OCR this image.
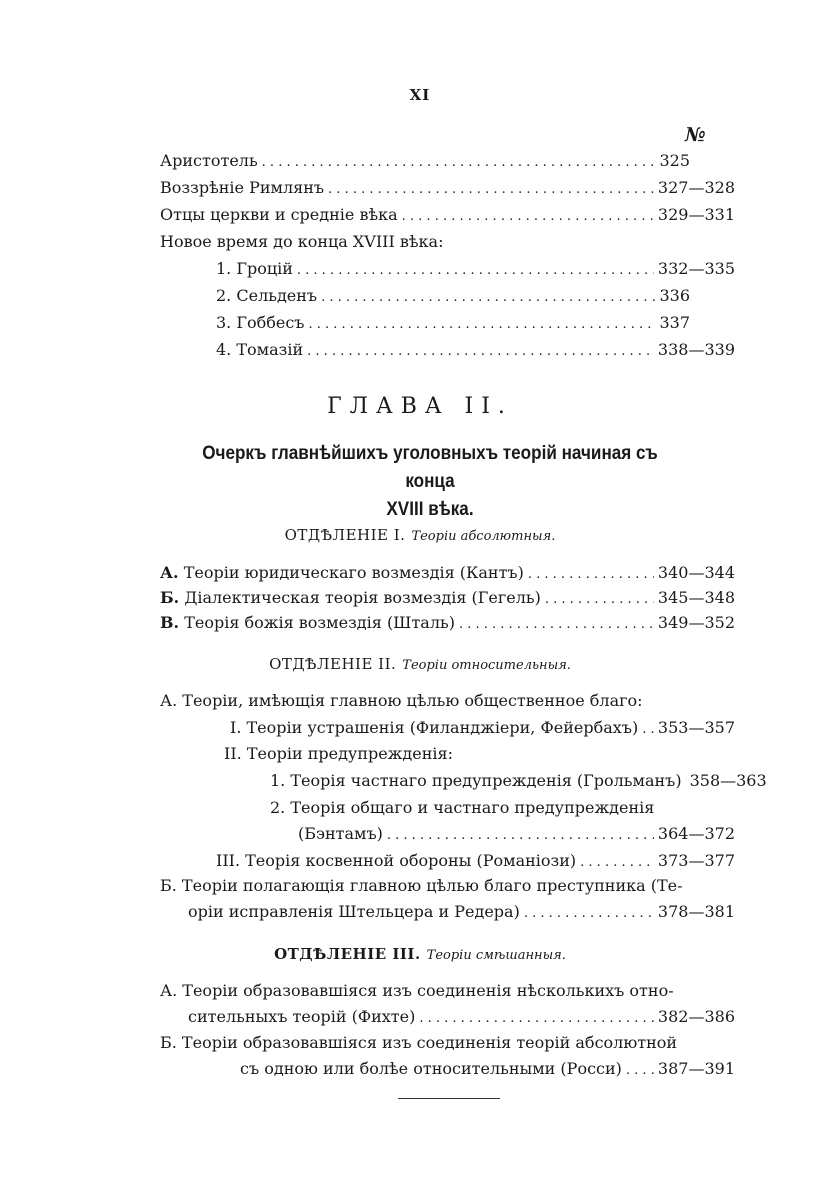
XI
№
Аристотель . . .	325
Воззрѣніе Римлянъ . . .	327—328
Отцы церкви и средніе вѣка . . .	329—331
Новое время до конца XVIII вѣка:
1. Гроцій . . .	332—335
2. Сельденъ . . .	336
3. Гоббесъ . . .	337
4. Томазій . . .	338—339
ГЛАВА II.
Очеркъ главнѣйшихъ уголовныхъ теорій начиная съ конца
XVIII вѣка.
ОТДѢЛЕНІЕ I. Теоріи абсолютныя.
А. Теоріи юридическаго возмездія (Кантъ) . . .	340—344
Б. Діалектическая теорія возмездія (Гегель) . . .	345—348
В. Теорія божія возмездія (Шталь) . . .	349—352
ОТДѢЛЕНІЕ II. Теоріи относительныя.
А. Теоріи, имѣющія главною цѣлью общественное благо:
I. Теоріи устрашенія (Филанджіери, Фейербахъ) . . . 353—357
II. Теоріи предупрежденія:
1. Теорія частнаго предупрежденія (Грольманъ) 358—363
2. Теорія общаго и частнаго предупрежденія
(Бэнтамъ) . . .	364—372
III. Теорія косвенной обороны (Романіози) . . .	373—377
Б. Теоріи полагающія главною цѣлью благо преступника (Те-
оріи исправленія Штельцера и Редера) . . .	378—381
ОТДѢЛЕНІЕ III. Теоріи смѣшанныя.
А. Теоріи образовавшіяся изъ соединенія нѣсколькихъ отно-
сительныхъ теорій (Фихте) . . .	382—386
Б. Теоріи образовавшіяся изъ соединенія теорій абсолютной
съ одною или болѣе относительными (Росси) . . . 387—391
